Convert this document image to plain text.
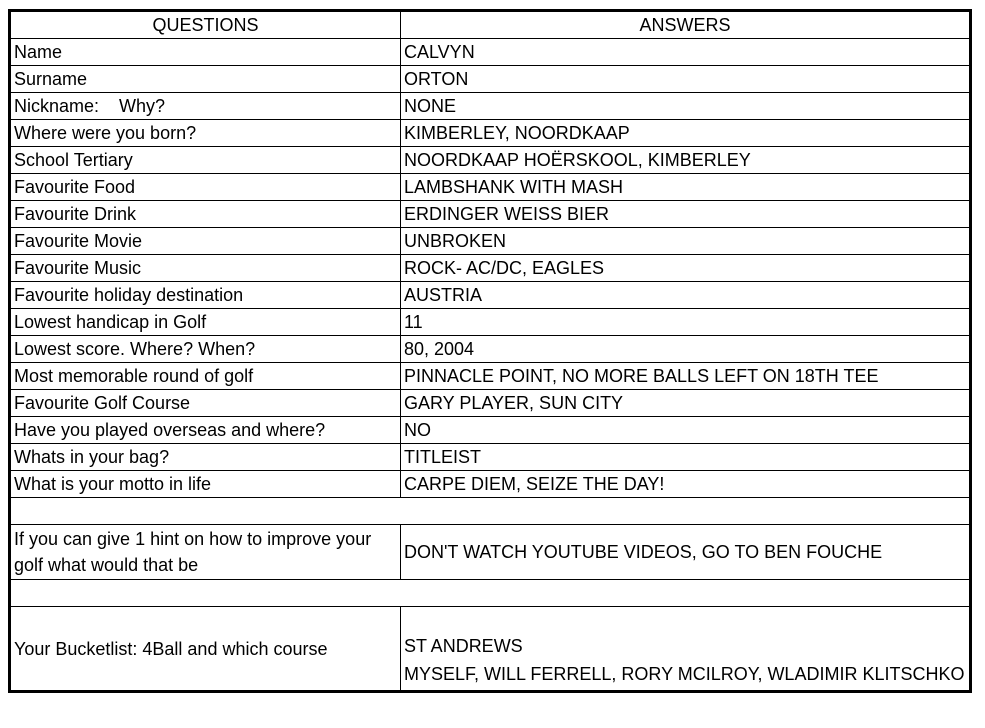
QUESTIONS	ANSWERS
Name	CALVYN
Surname	ORTON
Nickname:    Why?	NONE
Where were you born?	KIMBERLEY, NOORDKAAP
School Tertiary	NOORDKAAP HOËRSKOOL, KIMBERLEY
Favourite Food	LAMBSHANK WITH MASH
Favourite Drink	ERDINGER WEISS BIER
Favourite Movie	UNBROKEN
Favourite Music	ROCK- AC/DC, EAGLES
Favourite holiday destination	AUSTRIA
Lowest handicap in Golf	11
Lowest score. Where? When?	80, 2004
Most memorable round of golf	PINNACLE POINT, NO MORE BALLS LEFT ON 18TH TEE
Favourite Golf Course	GARY PLAYER, SUN CITY
Have you played overseas and where?	NO
Whats in your bag?	TITLEIST
What is your motto in life	CARPE DIEM, SEIZE THE DAY!

If you can give 1 hint on how to improve your golf what would that be	DON'T WATCH YOUTUBE VIDEOS, GO TO BEN FOUCHE

Your Bucketlist: 4Ball and which course	ST ANDREWS
MYSELF, WILL FERRELL, RORY MCILROY, WLADIMIR KLITSCHKO
